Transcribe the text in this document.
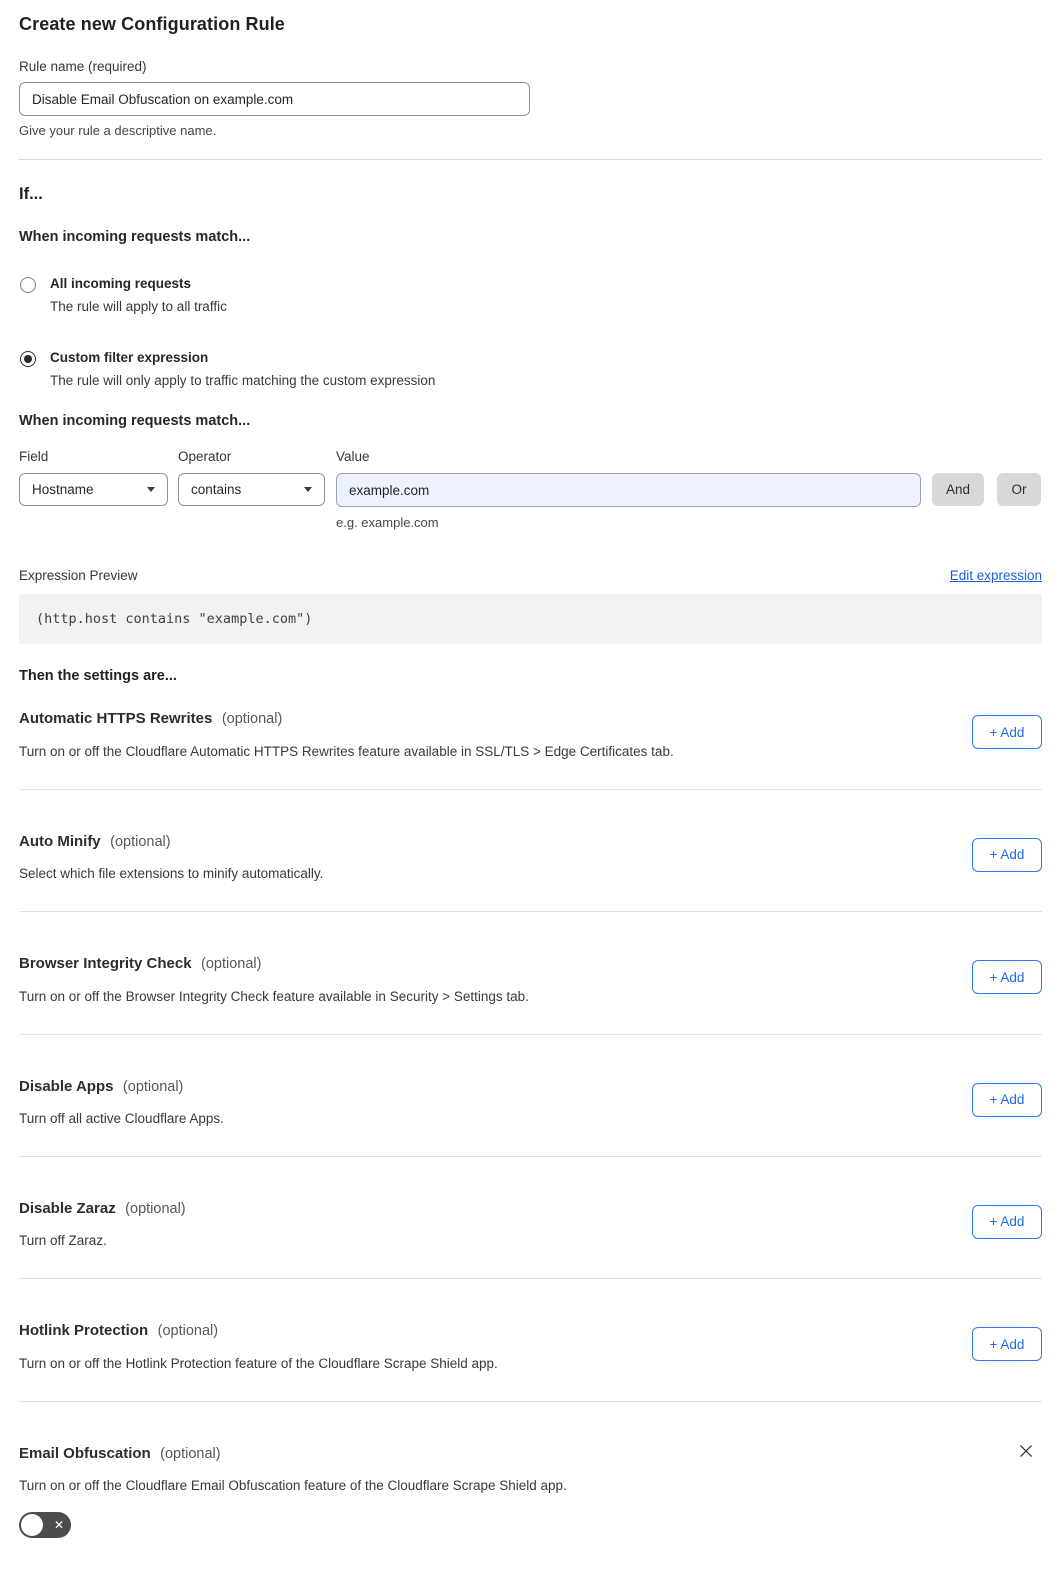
Create new Configuration Rule
Rule name (required)
Disable Email Obfuscation on example.com
Give your rule a descriptive name.
If...
When incoming requests match...
All incoming requests
The rule will apply to all traffic
Custom filter expression
The rule will only apply to traffic matching the custom expression
When incoming requests match...
Field
Hostname
Operator
contains
Value
example.com
And	Or
e.g. example.com
Expression Preview	Edit expression
(http.host contains "example.com")
Then the settings are...
Automatic HTTPS Rewrites (optional)

Turn on or off the Cloudflare Automatic HTTPS Rewrites feature available in SSL/TLS > Edge Certificates tab.

+ Add
Auto Minify (optional)

Select which file extensions to minify automatically.

+ Add
Browser Integrity Check (optional)

Turn on or off the Browser Integrity Check feature available in Security > Settings tab.

+ Add
Disable Apps (optional)

Turn off all active Cloudflare Apps.

+ Add
Disable Zaraz (optional)

Turn off Zaraz.

+ Add
Hotlink Protection (optional)

Turn on or off the Hotlink Protection feature of the Cloudflare Scrape Shield app.

+ Add
Email Obfuscation (optional)

Turn on or off the Cloudflare Email Obfuscation feature of the Cloudflare Scrape Shield app.

✕
